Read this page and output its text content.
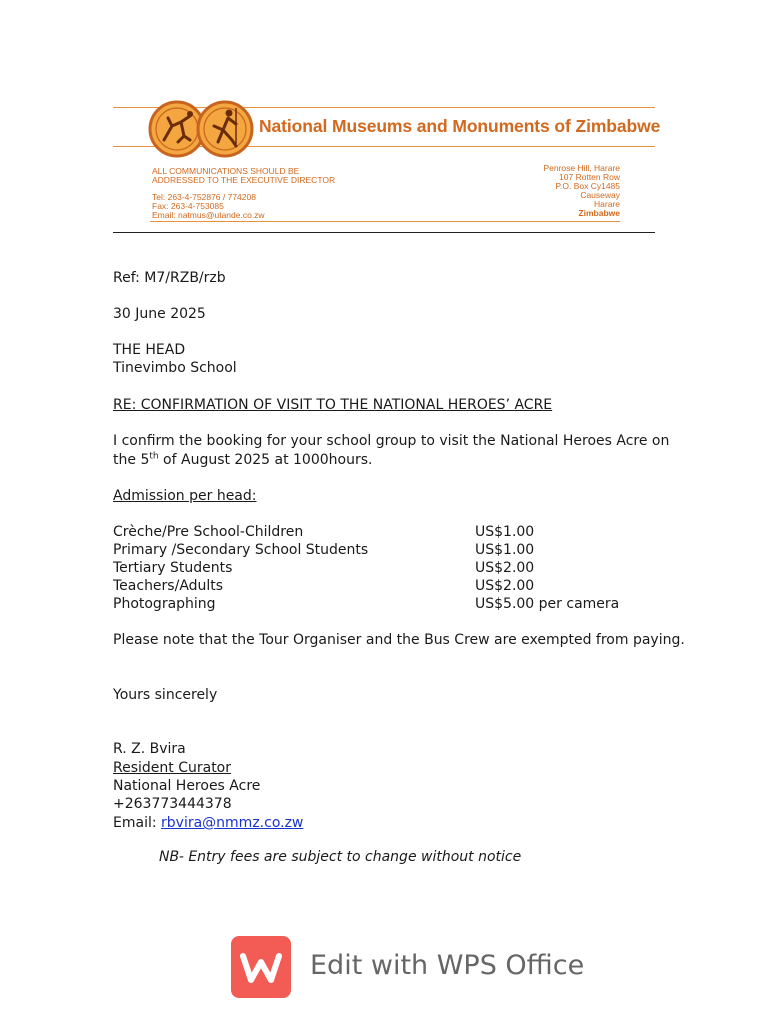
National Museums and Monuments of Zimbabwe
ALL COMMUNICATIONS SHOULD BE
ADDRESSED TO THE EXECUTIVE DIRECTOR
Tel: 263-4-752876 / 774208
Fax: 263-4-753085
Email: natmus@utande.co.zw
Penrose Hill, Harare
107 Rotten Row
P.O. Box Cy1485
Causeway
Harare
Zimbabwe
Ref: M7/RZB/rzb
30 June 2025
THE HEAD
Tinevimbo School
RE: CONFIRMATION OF VISIT TO THE NATIONAL HEROES’ ACRE
I confirm the booking for your school group to visit the National Heroes Acre on
the 5th of August 2025 at 1000hours.
Admission per head:
Crèche/Pre School-Children	US$1.00
Primary /Secondary School Students	US$1.00
Tertiary Students	US$2.00
Teachers/Adults	US$2.00
Photographing	US$5.00 per camera
Please note that the Tour Organiser and the Bus Crew are exempted from paying.
Yours sincerely
R. Z. Bvira
Resident Curator
National Heroes Acre
+263773444378
Email: rbvira@nmmz.co.zw
NB- Entry fees are subject to change without notice
Edit with WPS Office
